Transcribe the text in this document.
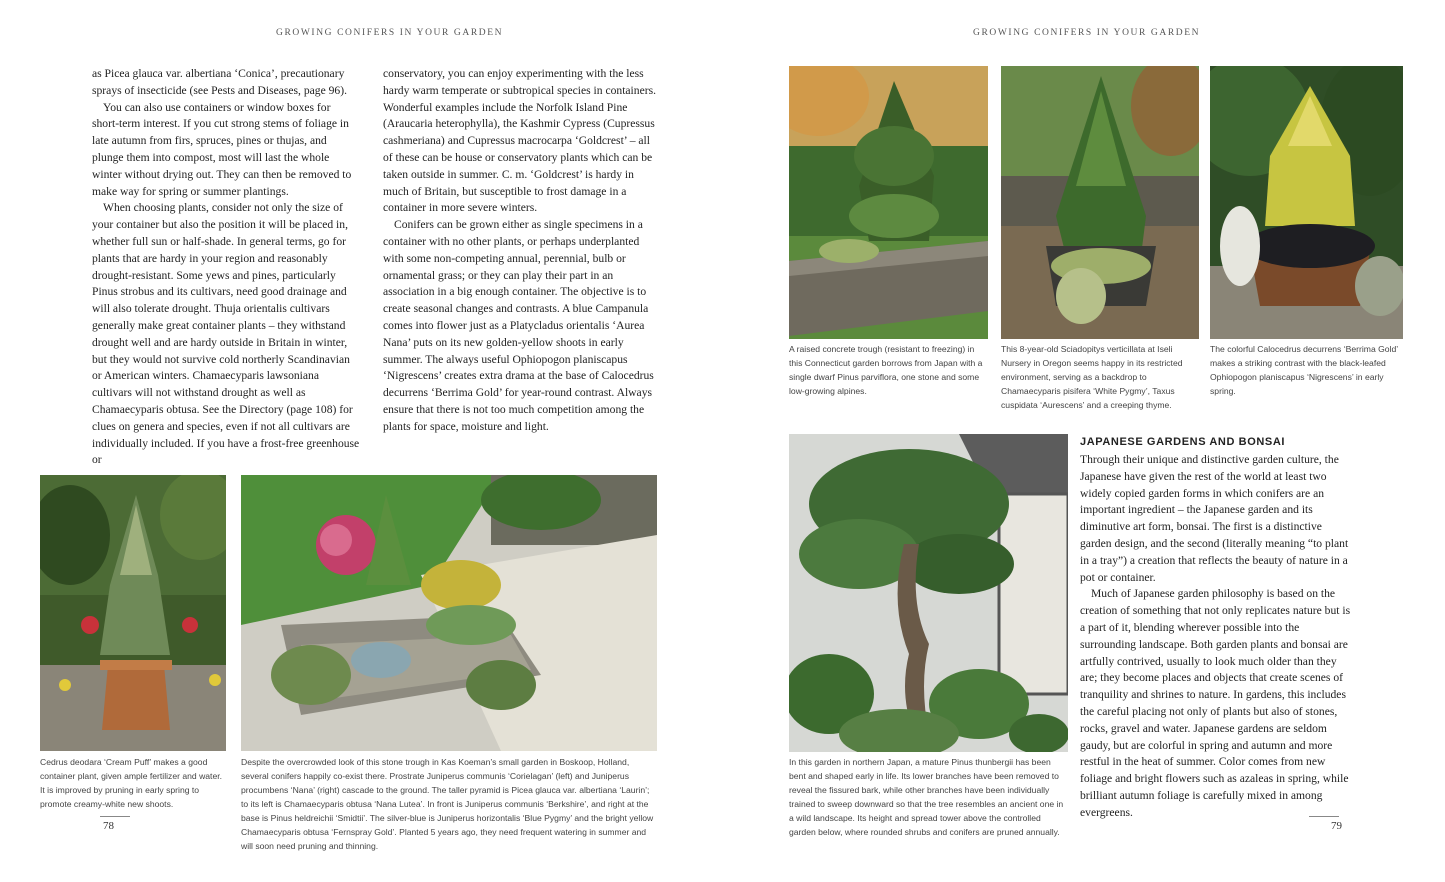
GROWING CONIFERS IN YOUR GARDEN

as Picea glauca var. albertiana ‘Conica’, precautionary sprays of insecticide (see Pests and Diseases, page 96).

You can also use containers or window boxes for short-term interest. If you cut strong stems of foliage in late autumn from firs, spruces, pines or thujas, and plunge them into compost, most will last the whole winter without drying out. They can then be removed to make way for spring or summer plantings.

When choosing plants, consider not only the size of your container but also the position it will be placed in, whether full sun or half-shade. In general terms, go for plants that are hardy in your region and reasonably drought-resistant. Some yews and pines, particularly Pinus strobus and its cultivars, need good drainage and will also tolerate drought. Thuja orientalis cultivars generally make great container plants – they withstand drought well and are hardy outside in Britain in winter, but they would not survive cold northerly Scandinavian or American winters. Chamaecyparis lawsoniana cultivars will not withstand drought as well as Chamaecyparis obtusa. See the Directory (page 108) for clues on genera and species, even if not all cultivars are individually included. If you have a frost-free greenhouse or

conservatory, you can enjoy experimenting with the less hardy warm temperate or subtropical species in containers. Wonderful examples include the Norfolk Island Pine (Araucaria heterophylla), the Kashmir Cypress (Cupressus cashmeriana) and Cupressus macrocarpa ‘Goldcrest’ – all of these can be house or conservatory plants which can be taken outside in summer. C. m. ‘Goldcrest’ is hardy in much of Britain, but susceptible to frost damage in a container in more severe winters.

Conifers can be grown either as single specimens in a container with no other plants, or perhaps underplanted with some non-competing annual, perennial, bulb or ornamental grass; or they can play their part in an association in a big enough container. The objective is to create seasonal changes and contrasts. A blue Campanula comes into flower just as a Platycladus orientalis ‘Aurea Nana’ puts on its new golden-yellow shoots in early summer. The always useful Ophiopogon planiscapus ‘Nigrescens’ creates extra drama at the base of Calocedrus decurrens ‘Berrima Gold’ for year-round contrast. Always ensure that there is not too much competition among the plants for space, moisture and light.

Cedrus deodara ‘Cream Puff’ makes a good container plant, given ample fertilizer and water. It is improved by pruning in early spring to promote creamy-white new shoots.
Despite the overcrowded look of this stone trough in Kas Koeman’s small garden in Boskoop, Holland, several conifers happily co-exist there. Prostrate Juniperus communis ‘Corielagan’ (left) and Juniperus procumbens ‘Nana’ (right) cascade to the ground. The taller pyramid is Picea glauca var. albertiana ‘Laurin’; to its left is Chamaecyparis obtusa ‘Nana Lutea’. In front is Juniperus communis ‘Berkshire’, and right at the base is Pinus heldreichii ‘Smidtii’. The silver-blue is Juniperus horizontalis ‘Blue Pygmy’ and the bright yellow Chamaecyparis obtusa ‘Fernspray Gold’. Planted 5 years ago, they need frequent watering in summer and will soon need pruning and thinning.
78
GROWING CONIFERS IN YOUR GARDEN
A raised concrete trough (resistant to freezing) in this Connecticut garden borrows from Japan with a single dwarf Pinus parviflora, one stone and some low-growing alpines.
This 8-year-old Sciadopitys verticillata at Iseli Nursery in Oregon seems happy in its restricted environment, serving as a backdrop to Chamaecyparis pisifera ‘White Pygmy’, Taxus cuspidata ‘Aurescens’ and a creeping thyme.
The colorful Calocedrus decurrens ‘Berrima Gold’ makes a striking contrast with the black-leafed Ophiopogon planiscapus ‘Nigrescens’ in early spring.
In this garden in northern Japan, a mature Pinus thunbergii has been bent and shaped early in life. Its lower branches have been removed to reveal the fissured bark, while other branches have been individually trained to sweep downward so that the tree resembles an ancient one in a wild landscape. Its height and spread tower above the controlled garden below, where rounded shrubs and conifers are pruned annually.
JAPANESE GARDENS AND BONSAI

Through their unique and distinctive garden culture, the Japanese have given the rest of the world at least two widely copied garden forms in which conifers are an important ingredient – the Japanese garden and its diminutive art form, bonsai. The first is a distinctive garden design, and the second (literally meaning “to plant in a tray”) a creation that reflects the beauty of nature in a pot or container.

Much of Japanese garden philosophy is based on the creation of something that not only replicates nature but is a part of it, blending wherever possible into the surrounding landscape. Both garden plants and bonsai are artfully contrived, usually to look much older than they are; they become places and objects that create scenes of tranquility and shrines to nature. In gardens, this includes the careful placing not only of plants but also of stones, rocks, gravel and water. Japanese gardens are seldom gaudy, but are colorful in spring and autumn and more restful in the heat of summer. Color comes from new foliage and bright flowers such as azaleas in spring, while brilliant autumn foliage is carefully mixed in among evergreens.

79
